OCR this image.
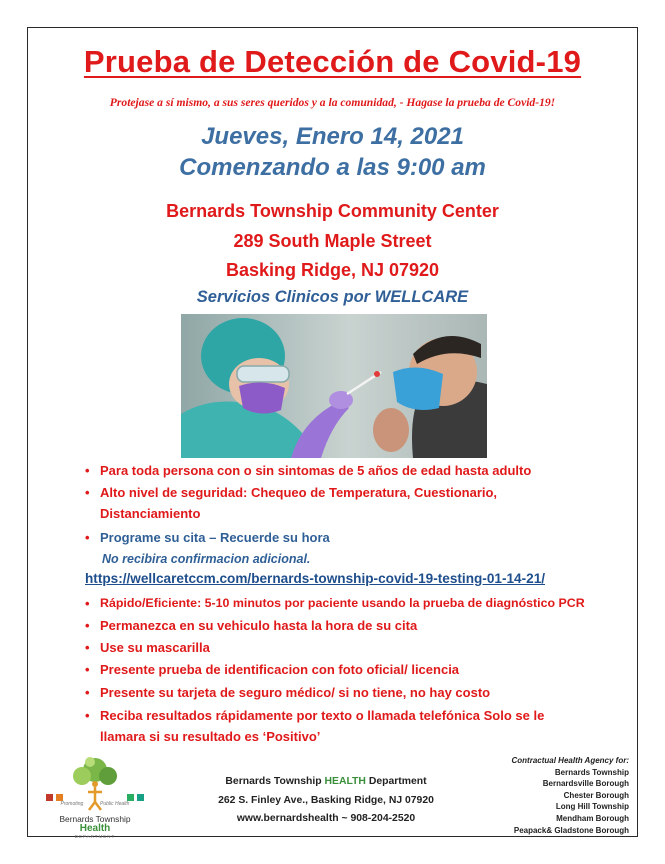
Prueba de Detección de Covid-19
Protejase a sí mismo, a sus seres queridos y a la comunidad, - Hagase la prueba de Covid-19!
Jueves, Enero 14, 2021
Comenzando a las 9:00 am
Bernards Township Community Center
289 South Maple Street
Basking Ridge, NJ 07920
Servicios Clinicos por WELLCARE
• Para toda persona con o sin sintomas de 5 años de edad hasta adulto
• Alto nivel de seguridad: Chequeo de Temperatura, Cuestionario,
Distanciamiento
• Programe su cita – Recuerde su hora
No recibira confirmacion adicional.
https://wellcaretccm.com/bernards-township-covid-19-testing-01-14-21/
• Rápido/Eficiente: 5-10 minutos por paciente usando la prueba de diagnóstico PCR
• Permanezca en su vehiculo hasta la hora de su cita
• Use su mascarilla
• Presente prueba de identificacion con foto oficial/ licencia
• Presente su tarjeta de seguro médico/ si no tiene, no hay costo
• Reciba resultados rápidamente por texto o llamada telefónica Solo se le
llamara si su resultado es ‘Positivo’
Promoting	Public Health
Bernards Township
Health
DEPARTMENT
Bernards Township HEALTH Department
262 S. Finley Ave., Basking Ridge, NJ 07920
www.bernardshealth ~ 908-204-2520
Contractual Health Agency for:
Bernards Township
Bernardsville Borough
Chester Borough
Long Hill Township
Mendham Borough
Peapack& Gladstone Borough
